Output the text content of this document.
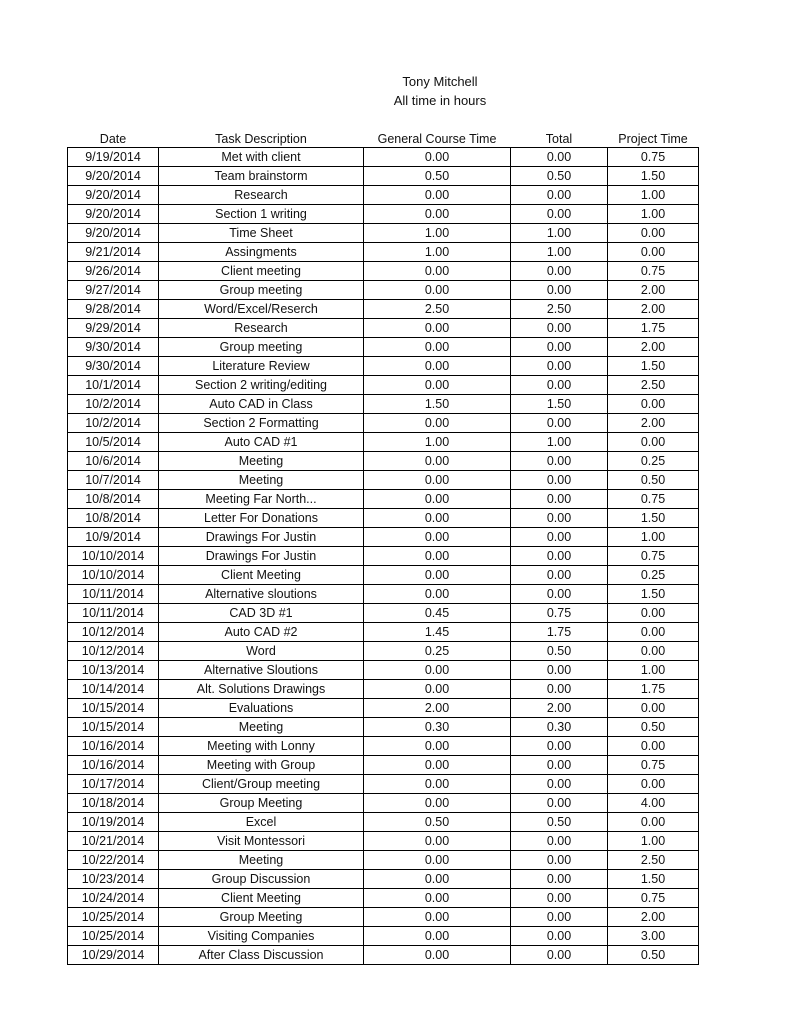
Tony Mitchell
All time in hours
Date	Task Description	General Course Time	Total	Project Time
9/19/2014	Met with client	0.00	0.00	0.75
9/20/2014	Team brainstorm	0.50	0.50	1.50
9/20/2014	Research	0.00	0.00	1.00
9/20/2014	Section 1 writing	0.00	0.00	1.00
9/20/2014	Time Sheet	1.00	1.00	0.00
9/21/2014	Assingments	1.00	1.00	0.00
9/26/2014	Client meeting	0.00	0.00	0.75
9/27/2014	Group meeting	0.00	0.00	2.00
9/28/2014	Word/Excel/Reserch	2.50	2.50	2.00
9/29/2014	Research	0.00	0.00	1.75
9/30/2014	Group meeting	0.00	0.00	2.00
9/30/2014	Literature Review	0.00	0.00	1.50
10/1/2014	Section 2 writing/editing	0.00	0.00	2.50
10/2/2014	Auto CAD in Class	1.50	1.50	0.00
10/2/2014	Section 2 Formatting	0.00	0.00	2.00
10/5/2014	Auto CAD #1	1.00	1.00	0.00
10/6/2014	Meeting	0.00	0.00	0.25
10/7/2014	Meeting	0.00	0.00	0.50
10/8/2014	Meeting Far North...	0.00	0.00	0.75
10/8/2014	Letter For Donations	0.00	0.00	1.50
10/9/2014	Drawings For Justin	0.00	0.00	1.00
10/10/2014	Drawings For Justin	0.00	0.00	0.75
10/10/2014	Client Meeting	0.00	0.00	0.25
10/11/2014	Alternative sloutions	0.00	0.00	1.50
10/11/2014	CAD 3D #1	0.45	0.75	0.00
10/12/2014	Auto CAD #2	1.45	1.75	0.00
10/12/2014	Word	0.25	0.50	0.00
10/13/2014	Alternative Sloutions	0.00	0.00	1.00
10/14/2014	Alt. Solutions Drawings	0.00	0.00	1.75
10/15/2014	Evaluations	2.00	2.00	0.00
10/15/2014	Meeting	0.30	0.30	0.50
10/16/2014	Meeting with Lonny	0.00	0.00	0.00
10/16/2014	Meeting with Group	0.00	0.00	0.75
10/17/2014	Client/Group meeting	0.00	0.00	0.00
10/18/2014	Group Meeting	0.00	0.00	4.00
10/19/2014	Excel	0.50	0.50	0.00
10/21/2014	Visit Montessori	0.00	0.00	1.00
10/22/2014	Meeting	0.00	0.00	2.50
10/23/2014	Group Discussion	0.00	0.00	1.50
10/24/2014	Client Meeting	0.00	0.00	0.75
10/25/2014	Group Meeting	0.00	0.00	2.00
10/25/2014	Visiting Companies	0.00	0.00	3.00
10/29/2014	After Class Discussion	0.00	0.00	0.50
